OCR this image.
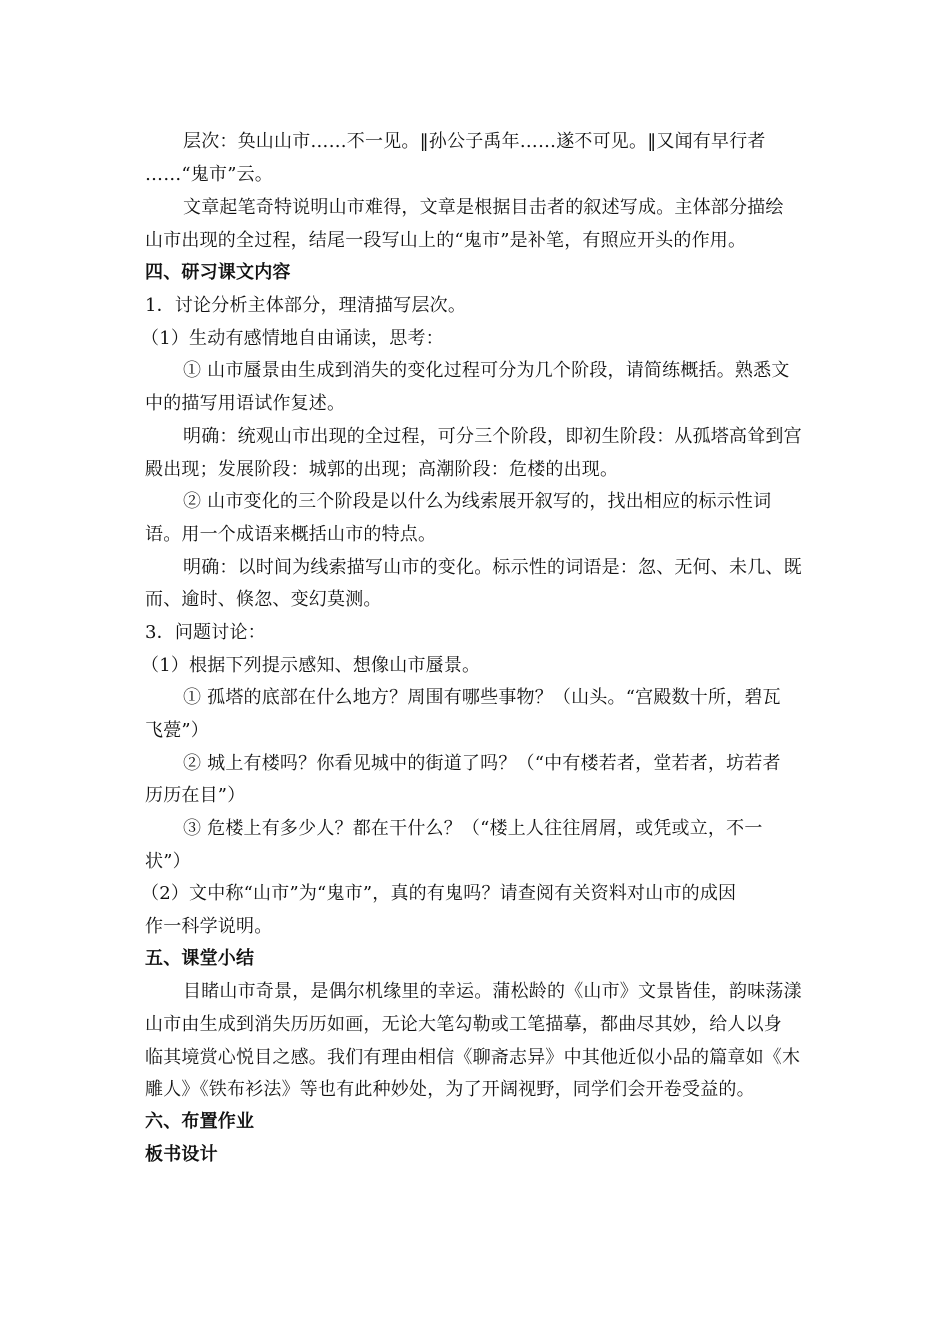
层次：奂山山市……不一见。‖孙公子禹年……遂不可见。‖又闻有早行者
……“鬼市”云。
文章起笔奇特说明山市难得，文章是根据目击者的叙述写成。主体部分描绘
山市出现的全过程，结尾一段写山上的“鬼市”是补笔，有照应开头的作用。
四、研习课文内容
1．讨论分析主体部分，理清描写层次。
（1）生动有感情地自由诵读，思考：
① 山市蜃景由生成到消失的变化过程可分为几个阶段，请简练概括。熟悉文
中的描写用语试作复述。
明确：统观山市出现的全过程，可分三个阶段，即初生阶段：从孤塔高耸到宫
殿出现；发展阶段：城郭的出现；高潮阶段：危楼的出现。
② 山市变化的三个阶段是以什么为线索展开叙写的，找出相应的标示性词
语。用一个成语来概括山市的特点。
明确：以时间为线索描写山市的变化。标示性的词语是：忽、无何、未几、既
而、逾时、倏忽、变幻莫测。
3．问题讨论：
（1）根据下列提示感知、想像山市蜃景。
① 孤塔的底部在什么地方？周围有哪些事物？（山头。“宫殿数十所，碧瓦
飞甍”）
② 城上有楼吗？你看见城中的街道了吗？（“中有楼若者，堂若者，坊若者
历历在目”）
③ 危楼上有多少人？都在干什么？（“楼上人往往屑屑，或凭或立，不一
状”）
（2）文中称“山市”为“鬼市”，真的有鬼吗？请查阅有关资料对山市的成因
作一科学说明。
五、课堂小结
目睹山市奇景，是偶尔机缘里的幸运。蒲松龄的《山市》文景皆佳，韵味荡漾
山市由生成到消失历历如画，无论大笔勾勒或工笔描摹，都曲尽其妙，给人以身
临其境赏心悦目之感。我们有理由相信《聊斋志异》中其他近似小品的篇章如《木
雕人》《铁布衫法》等也有此种妙处，为了开阔视野，同学们会开卷受益的。
六、布置作业
板书设计
